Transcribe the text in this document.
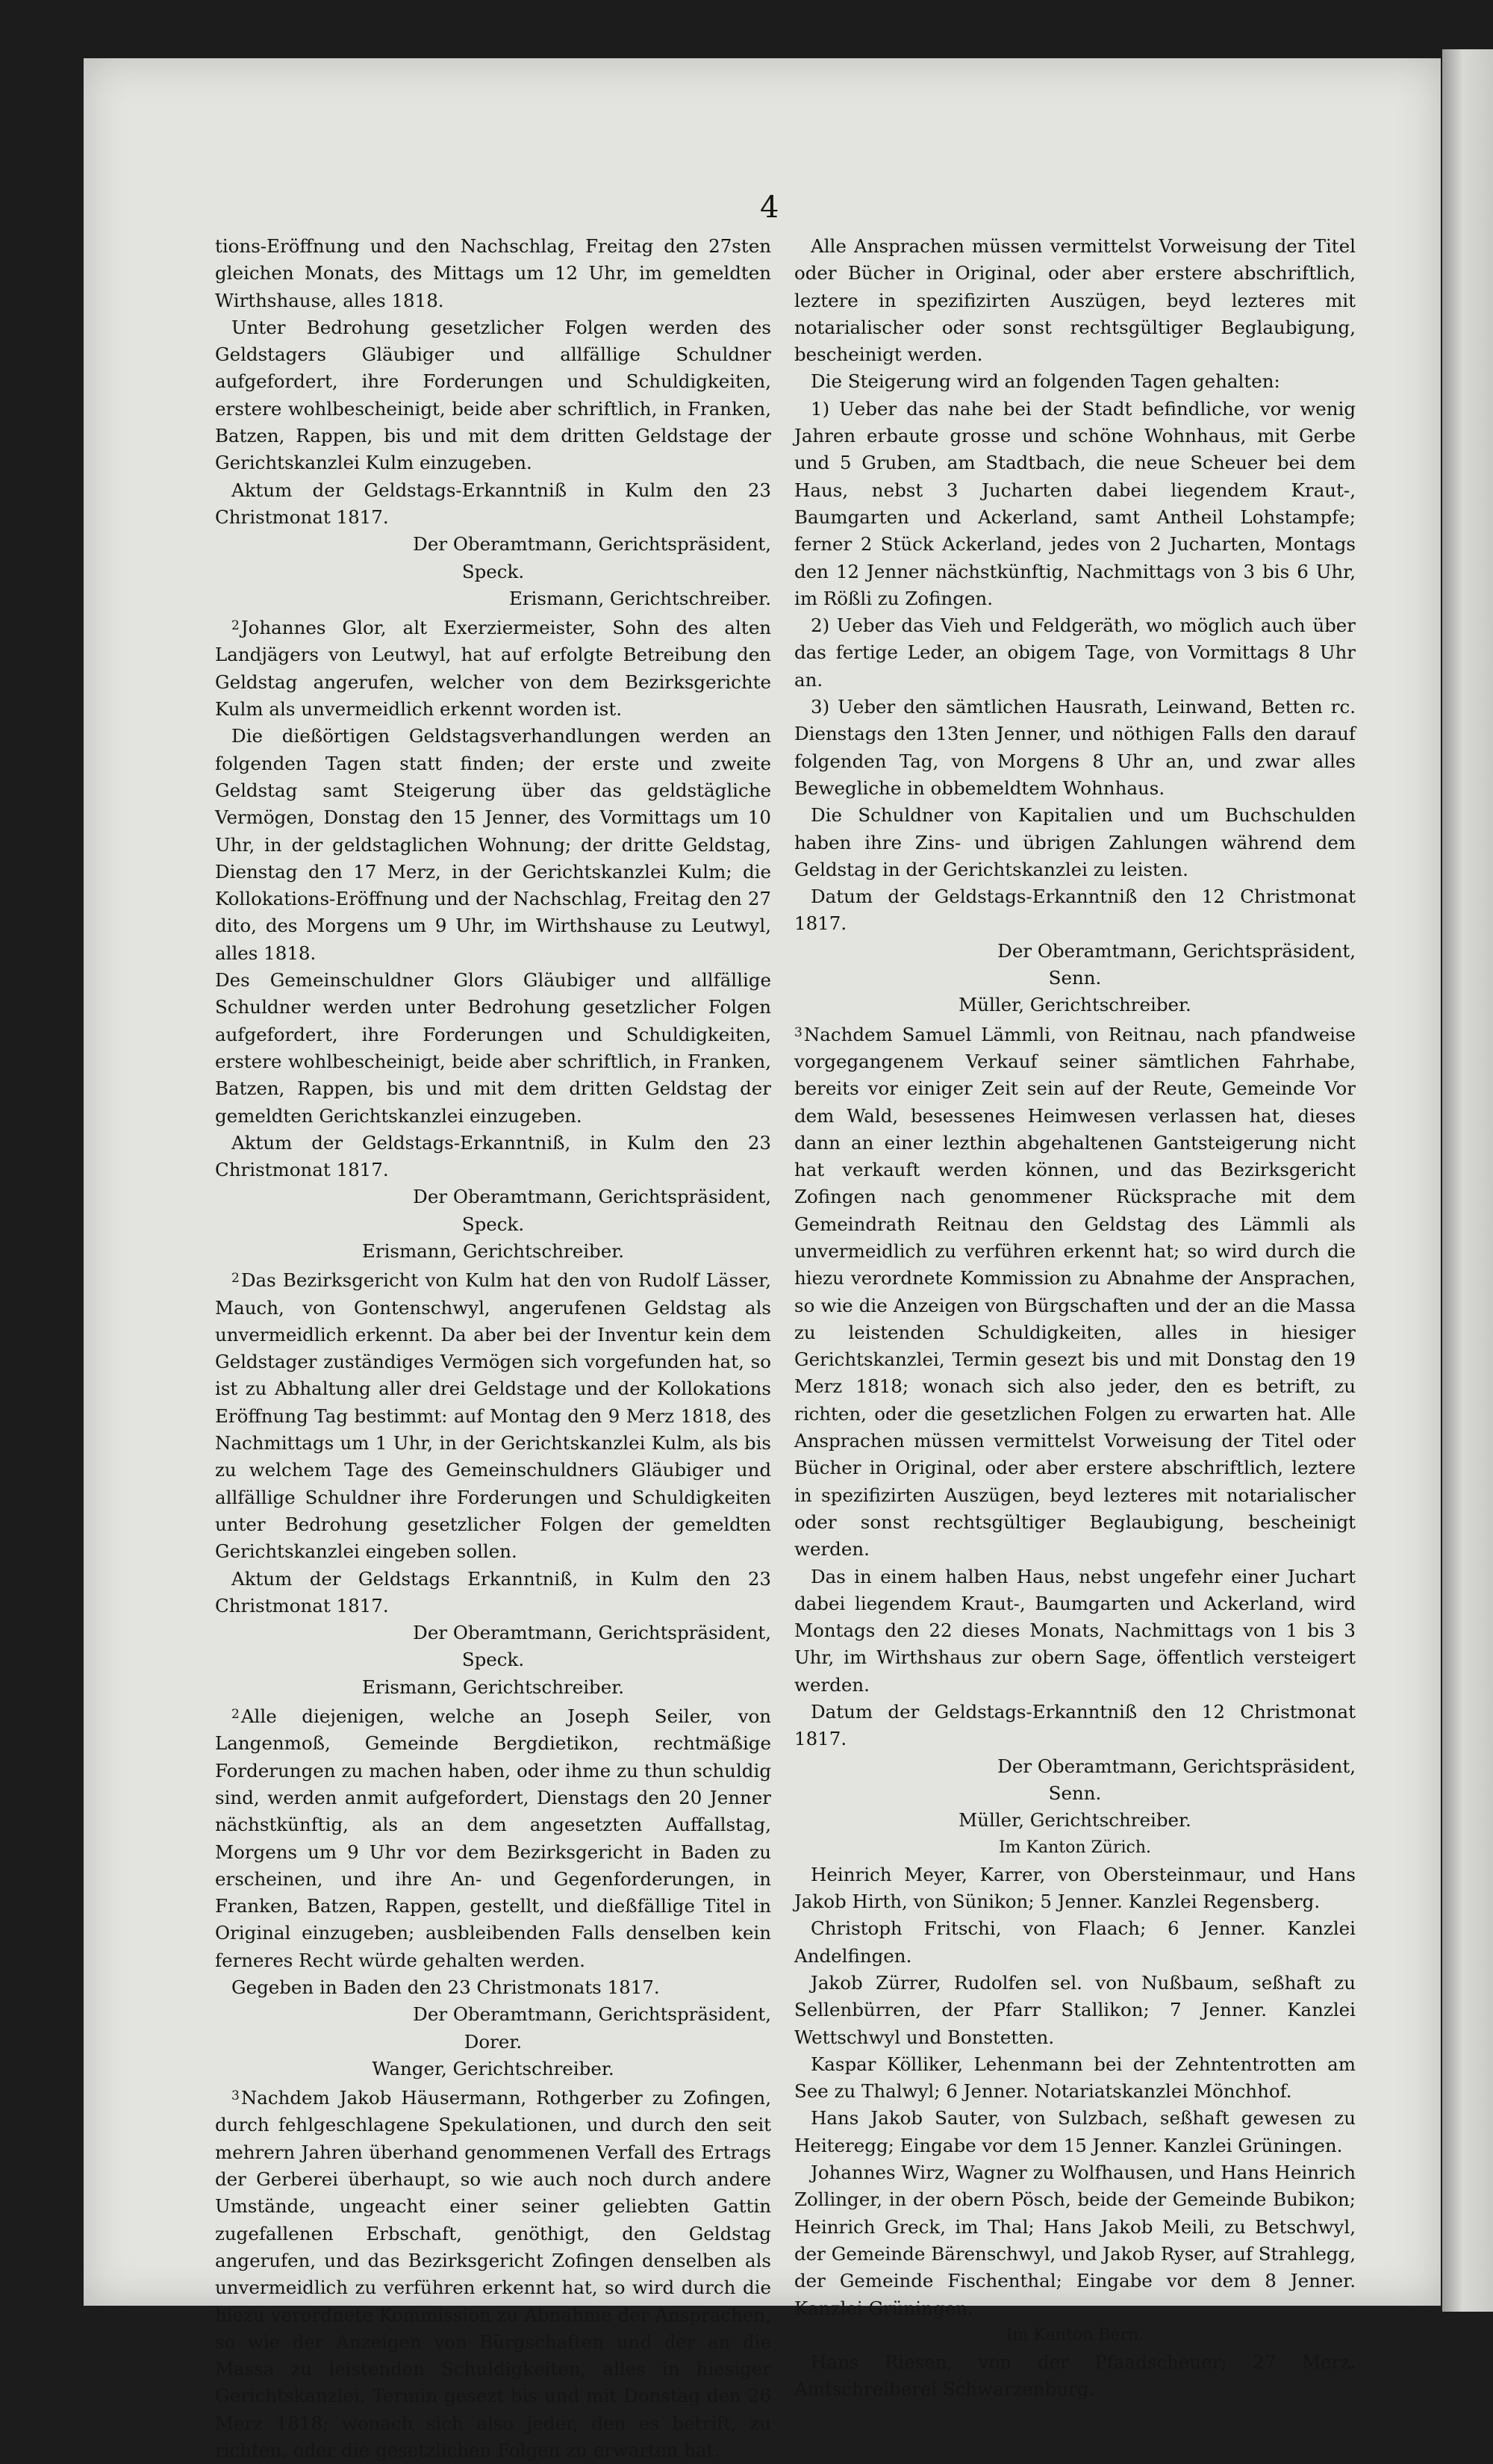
4

tions-Eröffnung und den Nachschlag, Freitag den 27sten gleichen Monats, des Mittags um 12 Uhr, im gemeldten Wirthshause, alles 1818.

Unter Bedrohung gesetzlicher Folgen werden des Geldstagers Gläubiger und allfällige Schuldner aufgefordert, ihre Forderungen und Schuldigkeiten, erstere wohlbescheinigt, beide aber schriftlich, in Franken, Batzen, Rappen, bis und mit dem dritten Geldstage der Gerichtskanzlei Kulm einzugeben.

Aktum der Geldstags-Erkanntniß in Kulm den 23 Christmonat 1817.

Der Oberamtmann, Gerichtspräsident,

Speck.

Erismann, Gerichtschreiber.

$^2$Johannes Glor, alt Exerziermeister, Sohn des alten Landjägers von Leutwyl, hat auf erfolgte Betreibung den Geldstag angerufen, welcher von dem Bezirksgerichte Kulm als unvermeidlich erkennt worden ist.

Die dießörtigen Geldstagsverhandlungen werden an folgenden Tagen statt finden; der erste und zweite Geldstag samt Steigerung über das geldstägliche Vermögen, Donstag den 15 Jenner, des Vormittags um 10 Uhr, in der geldstaglichen Wohnung; der dritte Geldstag, Dienstag den 17 Merz, in der Gerichtskanzlei Kulm; die Kollokations-Eröffnung und der Nachschlag, Freitag den 27 dito, des Morgens um 9 Uhr, im Wirthshause zu Leutwyl, alles 1818.

Des Gemeinschuldner Glors Gläubiger und allfällige Schuldner werden unter Bedrohung gesetzlicher Folgen aufgefordert, ihre Forderungen und Schuldigkeiten, erstere wohlbescheinigt, beide aber schriftlich, in Franken, Batzen, Rappen, bis und mit dem dritten Geldstag der gemeldten Gerichtskanzlei einzugeben.

Aktum der Geldstags-Erkanntniß, in Kulm den 23 Christmonat 1817.

Der Oberamtmann, Gerichtspräsident,

Speck.

Erismann, Gerichtschreiber.

$^2$Das Bezirksgericht von Kulm hat den von Rudolf Lässer, Mauch, von Gontenschwyl, angerufenen Geldstag als unvermeidlich erkennt. Da aber bei der Inventur kein dem Geldstager zuständiges Vermögen sich vorgefunden hat, so ist zu Abhaltung aller drei Geldstage und der Kollokations Eröffnung Tag bestimmt: auf Montag den 9 Merz 1818, des Nachmittags um 1 Uhr, in der Gerichtskanzlei Kulm, als bis zu welchem Tage des Gemeinschuldners Gläubiger und allfällige Schuldner ihre Forderungen und Schuldigkeiten unter Bedrohung gesetzlicher Folgen der gemeldten Gerichtskanzlei eingeben sollen.

Aktum der Geldstags Erkanntniß, in Kulm den 23 Christmonat 1817.

Der Oberamtmann, Gerichtspräsident,

Speck.

Erismann, Gerichtschreiber.

$^2$Alle diejenigen, welche an Joseph Seiler, von Langenmoß, Gemeinde Bergdietikon, rechtmäßige Forderungen zu machen haben, oder ihme zu thun schuldig sind, werden anmit aufgefordert, Dienstags den 20 Jenner nächstkünftig, als an dem angesetzten Auffallstag, Morgens um 9 Uhr vor dem Bezirksgericht in Baden zu erscheinen, und ihre An- und Gegenforderungen, in Franken, Batzen, Rappen, gestellt, und dießfällige Titel in Original einzugeben; ausbleibenden Falls denselben kein ferneres Recht würde gehalten werden.

Gegeben in Baden den 23 Christmonats 1817.

Der Oberamtmann, Gerichtspräsident,

Dorer.

Wanger, Gerichtschreiber.

$^3$Nachdem Jakob Häusermann, Rothgerber zu Zofingen, durch fehlgeschlagene Spekulationen, und durch den seit mehrern Jahren überhand genommenen Verfall des Ertrags der Gerberei überhaupt, so wie auch noch durch andere Umstände, ungeacht einer seiner geliebten Gattin zugefallenen Erbschaft, genöthigt, den Geldstag angerufen, und das Bezirksgericht Zofingen denselben als unvermeidlich zu verführen erkennt hat, so wird durch die hiezu verordnete Kommission zu Abnahme der Ansprachen, so wie der Anzeigen von Bürgschaften und der an die Massa zu leistenden Schuldigkeiten, alles in hiesiger Gerichtskanzlei, Termin gesezt bis und mit Donstag den 26 Merz 1818; wonach sich also jeder, den es betrift, zu richten, oder die gesetzlichen Folgen zu erwarten hat.

Alle Ansprachen müssen vermittelst Vorweisung der Titel oder Bücher in Original, oder aber erstere abschriftlich, leztere in spezifizirten Auszügen, beyd lezteres mit notarialischer oder sonst rechtsgültiger Beglaubigung, bescheinigt werden.

Die Steigerung wird an folgenden Tagen gehalten:

1) Ueber das nahe bei der Stadt befindliche, vor wenig Jahren erbaute grosse und schöne Wohnhaus, mit Gerbe und 5 Gruben, am Stadtbach, die neue Scheuer bei dem Haus, nebst 3 Jucharten dabei liegendem Kraut-, Baumgarten und Ackerland, samt Antheil Lohstampfe; ferner 2 Stück Ackerland, jedes von 2 Jucharten, Montags den 12 Jenner nächstkünftig, Nachmittags von 3 bis 6 Uhr, im Rößli zu Zofingen.

2) Ueber das Vieh und Feldgeräth, wo möglich auch über das fertige Leder, an obigem Tage, von Vormittags 8 Uhr an.

3) Ueber den sämtlichen Hausrath, Leinwand, Betten rc. Dienstags den 13ten Jenner, und nöthigen Falls den darauf folgenden Tag, von Morgens 8 Uhr an, und zwar alles Bewegliche in obbemeldtem Wohnhaus.

Die Schuldner von Kapitalien und um Buchschulden haben ihre Zins- und übrigen Zahlungen während dem Geldstag in der Gerichtskanzlei zu leisten.

Datum der Geldstags-Erkanntniß den 12 Christmonat 1817.

Der Oberamtmann, Gerichtspräsident,

Senn.

Müller, Gerichtschreiber.

$^3$Nachdem Samuel Lämmli, von Reitnau, nach pfandweise vorgegangenem Verkauf seiner sämtlichen Fahrhabe, bereits vor einiger Zeit sein auf der Reute, Gemeinde Vor dem Wald, besessenes Heimwesen verlassen hat, dieses dann an einer lezthin abgehaltenen Gantsteigerung nicht hat verkauft werden können, und das Bezirksgericht Zofingen nach genommener Rücksprache mit dem Gemeindrath Reitnau den Geldstag des Lämmli als unvermeidlich zu verführen erkennt hat; so wird durch die hiezu verordnete Kommission zu Abnahme der Ansprachen, so wie die Anzeigen von Bürgschaften und der an die Massa zu leistenden Schuldigkeiten, alles in hiesiger Gerichtskanzlei, Termin gesezt bis und mit Donstag den 19 Merz 1818; wonach sich also jeder, den es betrift, zu richten, oder die gesetzlichen Folgen zu erwarten hat. Alle Ansprachen müssen vermittelst Vorweisung der Titel oder Bücher in Original, oder aber erstere abschriftlich, leztere in spezifizirten Auszügen, beyd lezteres mit notarialischer oder sonst rechtsgültiger Beglaubigung, bescheinigt werden.

Das in einem halben Haus, nebst ungefehr einer Juchart dabei liegendem Kraut-, Baumgarten und Ackerland, wird Montags den 22 dieses Monats, Nachmittags von 1 bis 3 Uhr, im Wirthshaus zur obern Sage, öffentlich versteigert werden.

Datum der Geldstags-Erkanntniß den 12 Christmonat 1817.

Der Oberamtmann, Gerichtspräsident,

Senn.

Müller, Gerichtschreiber.

Im Kanton Zürich.

Heinrich Meyer, Karrer, von Obersteinmaur, und Hans Jakob Hirth, von Sünikon; 5 Jenner. Kanzlei Regensberg.

Christoph Fritschi, von Flaach; 6 Jenner. Kanzlei Andelfingen.

Jakob Zürrer, Rudolfen sel. von Nußbaum, seßhaft zu Sellenbürren, der Pfarr Stallikon; 7 Jenner. Kanzlei Wettschwyl und Bonstetten.

Kaspar Kölliker, Lehenmann bei der Zehntentrotten am See zu Thalwyl; 6 Jenner. Notariatskanzlei Mönchhof.

Hans Jakob Sauter, von Sulzbach, seßhaft gewesen zu Heiteregg; Eingabe vor dem 15 Jenner. Kanzlei Grüningen.

Johannes Wirz, Wagner zu Wolfhausen, und Hans Heinrich Zollinger, in der obern Pösch, beide der Gemeinde Bubikon; Heinrich Greck, im Thal; Hans Jakob Meili, zu Betschwyl, der Gemeinde Bärenschwyl, und Jakob Ryser, auf Strahlegg, der Gemeinde Fischenthal; Eingabe vor dem 8 Jenner. Kanzlei Grüningen.

Im Kanton Bern.

Hans Riesen, von der Pfaadscheuer; 27 Merz. Amtschreiberei Schwarzenburg.
